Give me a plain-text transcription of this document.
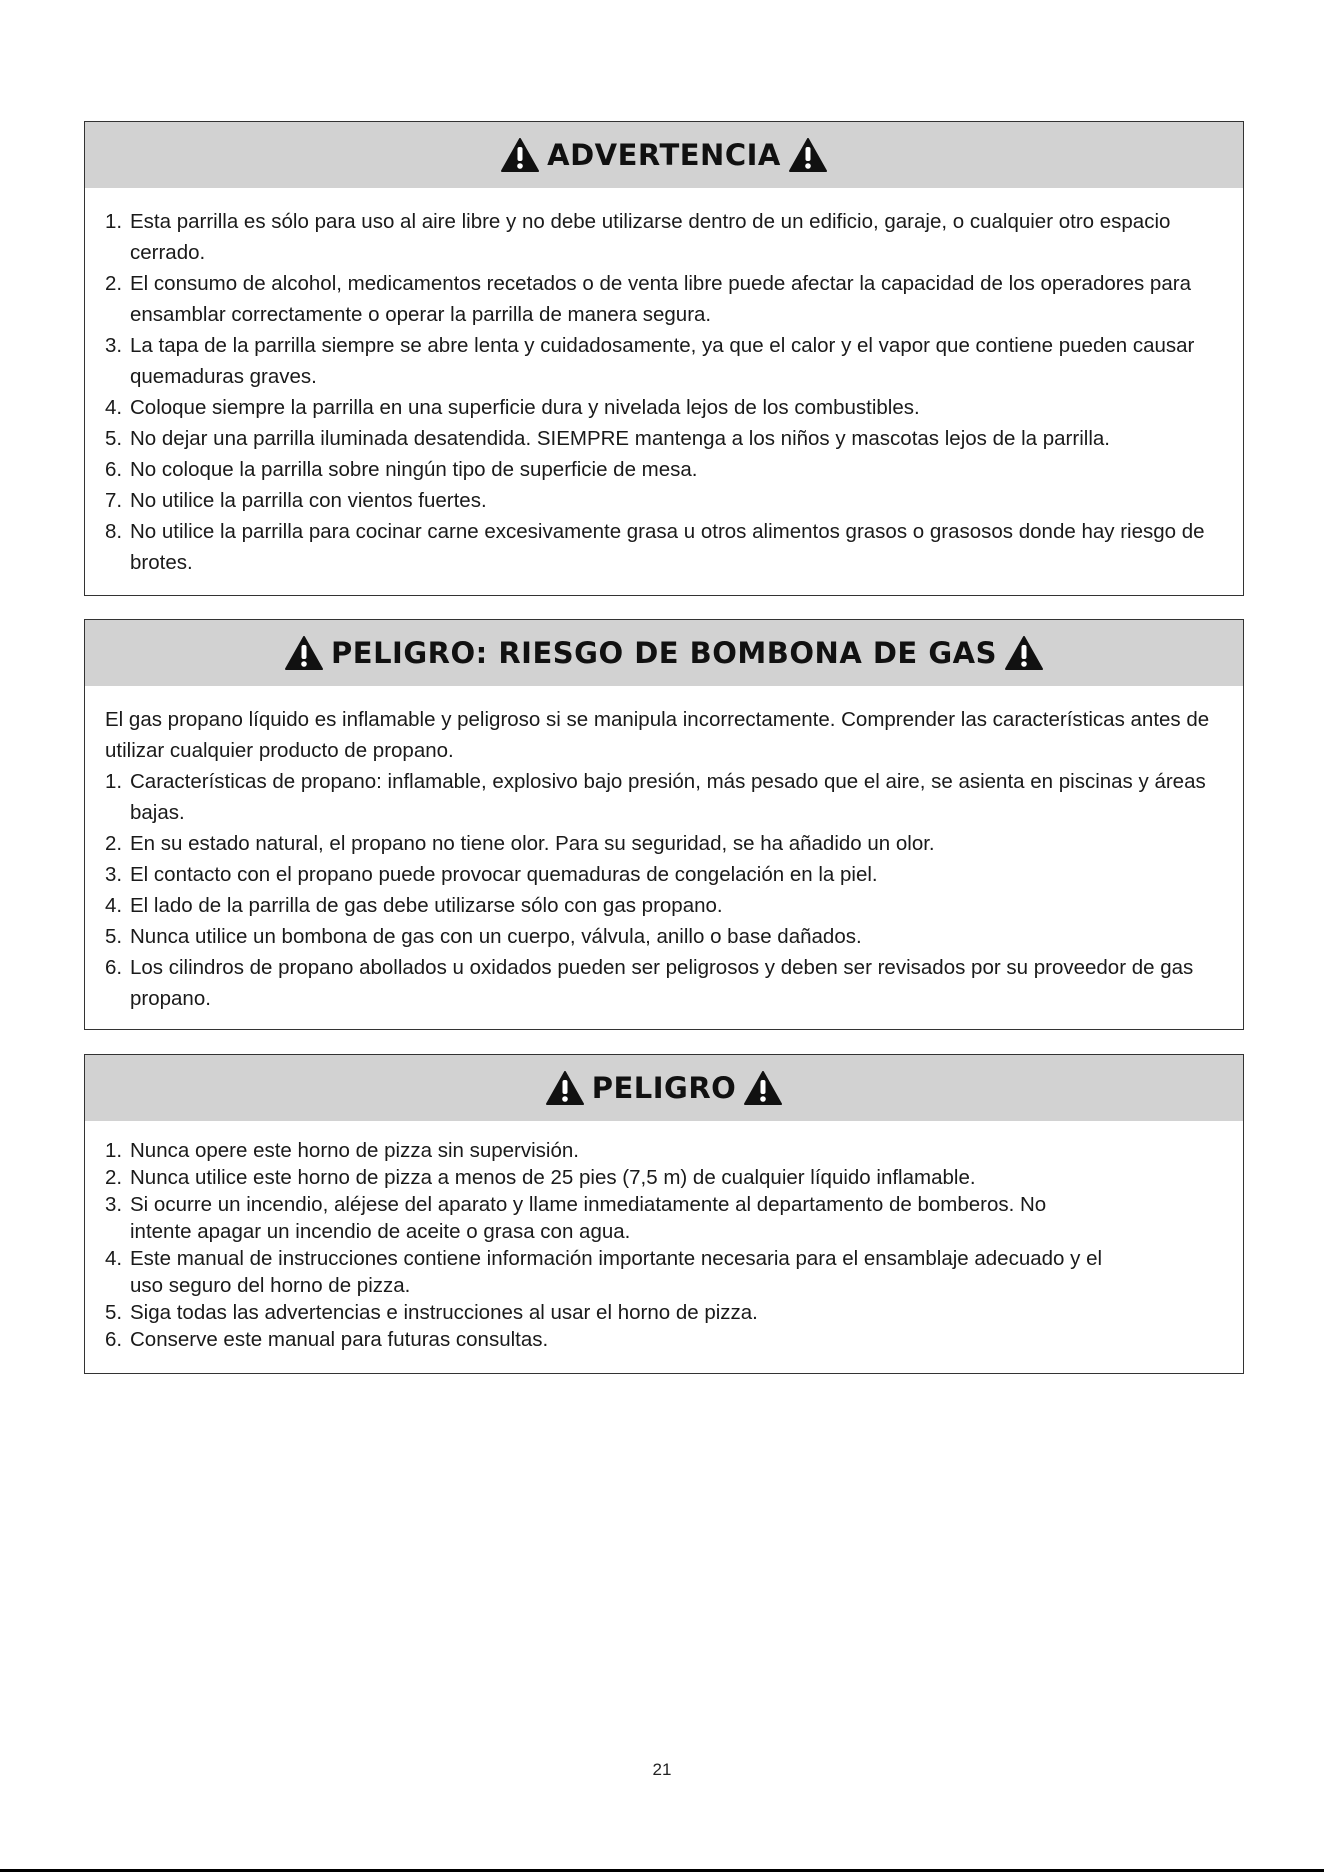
ADVERTENCIA
1. Esta parrilla es sólo para uso al aire libre y no debe utilizarse dentro de un edificio, garaje, o cualquier otro espacio cerrado.
2. El consumo de alcohol, medicamentos recetados o de venta libre puede afectar la capacidad de los operadores para ensamblar correctamente o operar la parrilla de manera segura.
3. La tapa de la parrilla siempre se abre lenta y cuidadosamente, ya que el calor y el vapor que contiene pueden causar quemaduras graves.
4. Coloque siempre la parrilla en una superficie dura y nivelada lejos de los combustibles.
5. No dejar una parrilla iluminada desatendida. SIEMPRE mantenga a los niños y mascotas lejos de la parrilla.
6. No coloque la parrilla sobre ningún tipo de superficie de mesa.
7. No utilice la parrilla con vientos fuertes.
8. No utilice la parrilla para cocinar carne excesivamente grasa u otros alimentos grasos o grasosos donde hay riesgo de brotes.
PELIGRO: RIESGO DE BOMBONA DE GAS

El gas propano líquido es inflamable y peligroso si se manipula incorrectamente. Comprender las características antes de utilizar cualquier producto de propano.

1. Características de propano: inflamable, explosivo bajo presión, más pesado que el aire, se asienta en piscinas y áreas bajas.
2. En su estado natural, el propano no tiene olor. Para su seguridad, se ha añadido un olor.
3. El contacto con el propano puede provocar quemaduras de congelación en la piel.
4. El lado de la parrilla de gas debe utilizarse sólo con gas propano.
5. Nunca utilice un bombona de gas con un cuerpo, válvula, anillo o base dañados.
6. Los cilindros de propano abollados u oxidados pueden ser peligrosos y deben ser revisados por su proveedor de gas propano.
PELIGRO
1. Nunca opere este horno de pizza sin supervisión.
2. Nunca utilice este horno de pizza a menos de 25 pies (7,5 m) de cualquier líquido inflamable.
3. Si ocurre un incendio, aléjese del aparato y llame inmediatamente al departamento de bomberos. No intente apagar un incendio de aceite o grasa con agua.
4. Este manual de instrucciones contiene información importante necesaria para el ensamblaje adecuado y el uso seguro del horno de pizza.
5. Siga todas las advertencias e instrucciones al usar el horno de pizza.
6. Conserve este manual para futuras consultas.
21
